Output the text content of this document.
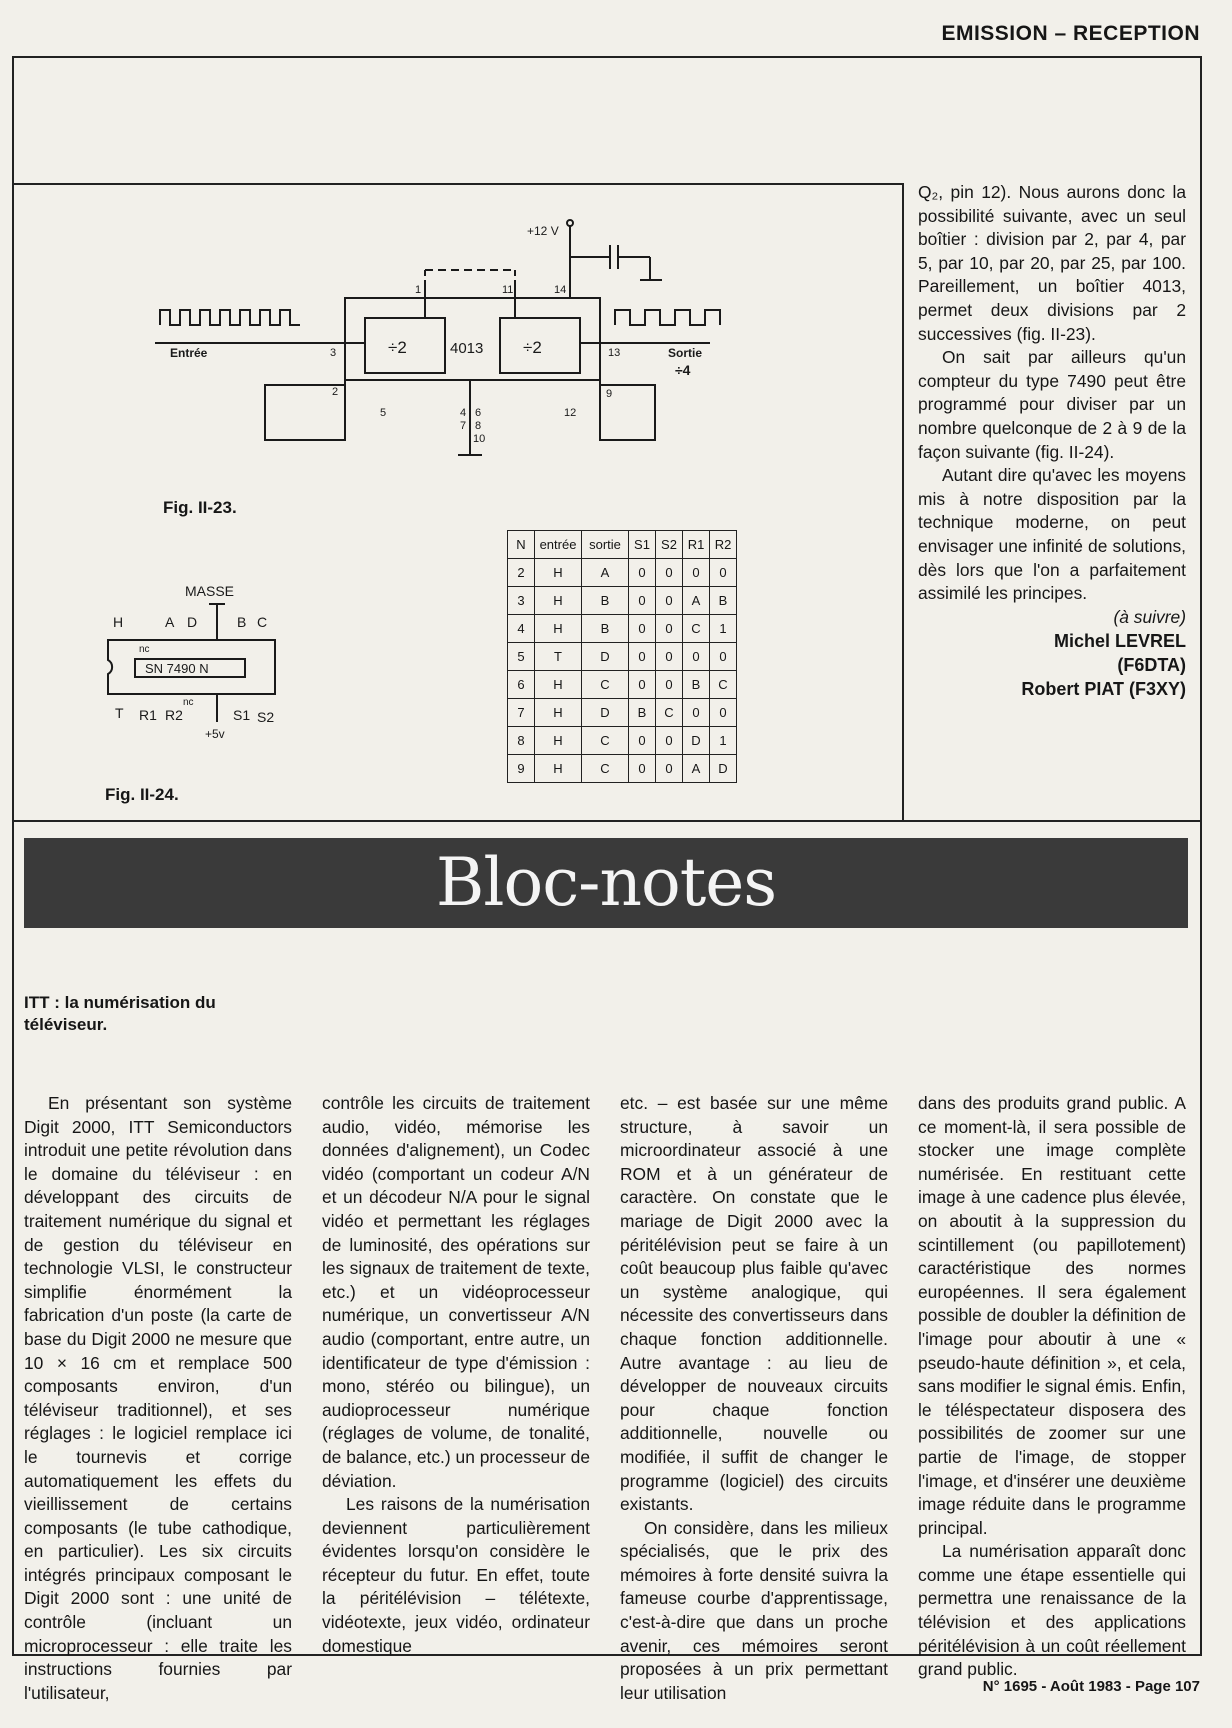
EMISSION – RECEPTION
+12 V
4013
÷2	÷2
Entrée	Sortie
÷4
1	11	14
3	13
2	9
5	12
4 6
7 8
10
Fig. II-23.
MASSE
H	A D	B C
nc
nc
SN 7490 N
T R1 R2	S1 S2
+5v
Fig. II-24.
N	entrée	sortie	S1	S2	R1	R2
2	H	A	0	0	0	0
3	H	B	0	0	A	B
4	H	B	0	0	C	1
5	T	D	0	0	0	0
6	H	C	0	0	B	C
7	H	D	B	C	0	0
8	H	C	0	0	D	1
9	H	C	0	0	A	D

Q₂, pin 12). Nous aurons donc la possibilité suivante, avec un seul boîtier : division par 2, par 4, par 5, par 10, par 20, par 25, par 100. Pareillement, un boîtier 4013, permet deux divisions par 2 successives (fig. II-23).

On sait par ailleurs qu'un compteur du type 7490 peut être programmé pour diviser par un nombre quelconque de 2 à 9 de la façon suivante (fig. II-24).

Autant dire qu'avec les moyens mis à notre disposition par la technique moderne, on peut envisager une infinité de solutions, dès lors que l'on a parfaitement assimilé les principes.

(à suivre)
Michel LEVREL
(F6DTA)
Robert PIAT (F3XY)
Bloc-notes
ITT : la numérisation du téléviseur.

En présentant son système Digit 2000, ITT Semiconductors introduit une petite révolution dans le domaine du téléviseur : en développant des circuits de traitement numérique du signal et de gestion du téléviseur en technologie VLSI, le constructeur simplifie énormément la fabrication d'un poste (la carte de base du Digit 2000 ne mesure que 10 × 16 cm et remplace 500 composants environ, d'un téléviseur traditionnel), et ses réglages : le logiciel remplace ici le tournevis et corrige automatiquement les effets du vieillissement de certains composants (le tube cathodique, en particulier). Les six circuits intégrés principaux composant le Digit 2000 sont : une unité de contrôle (incluant un microprocesseur : elle traite les instructions fournies par l'utilisateur,

contrôle les circuits de traitement audio, vidéo, mémorise les données d'alignement), un Codec vidéo (comportant un codeur A/N et un décodeur N/A pour le signal vidéo et permettant les réglages de luminosité, des opérations sur les signaux de traitement de texte, etc.) et un vidéoprocesseur numérique, un convertisseur A/N audio (comportant, entre autre, un identificateur de type d'émission : mono, stéréo ou bilingue), un audioprocesseur numérique (réglages de volume, de tonalité, de balance, etc.) un processeur de déviation.

Les raisons de la numérisation deviennent particulièrement évidentes lorsqu'on considère le récepteur du futur. En effet, toute la péritélévision – télétexte, vidéotexte, jeux vidéo, ordinateur domestique

etc. – est basée sur une même structure, à savoir un microordinateur associé à une ROM et à un générateur de caractère. On constate que le mariage de Digit 2000 avec la péritélévision peut se faire à un coût beaucoup plus faible qu'avec un système analogique, qui nécessite des convertisseurs dans chaque fonction additionnelle. Autre avantage : au lieu de développer de nouveaux circuits pour chaque fonction additionnelle, nouvelle ou modifiée, il suffit de changer le programme (logiciel) des circuits existants.

On considère, dans les milieux spécialisés, que le prix des mémoires à forte densité suivra la fameuse courbe d'apprentissage, c'est-à-dire que dans un proche avenir, ces mémoires seront proposées à un prix permettant leur utilisation

dans des produits grand public. A ce moment-là, il sera possible de stocker une image complète numérisée. En restituant cette image à une cadence plus élevée, on aboutit à la suppression du scintillement (ou papillotement) caractéristique des normes européennes. Il sera également possible de doubler la définition de l'image pour aboutir à une « pseudo-haute définition », et cela, sans modifier le signal émis. Enfin, le téléspectateur disposera des possibilités de zoomer sur une partie de l'image, de stopper l'image, et d'insérer une deuxième image réduite dans le programme principal.

La numérisation apparaît donc comme une étape essentielle qui permettra une renaissance de la télévision et des applications péritélévision à un coût réellement grand public.

N° 1695 - Août 1983 - Page 107
